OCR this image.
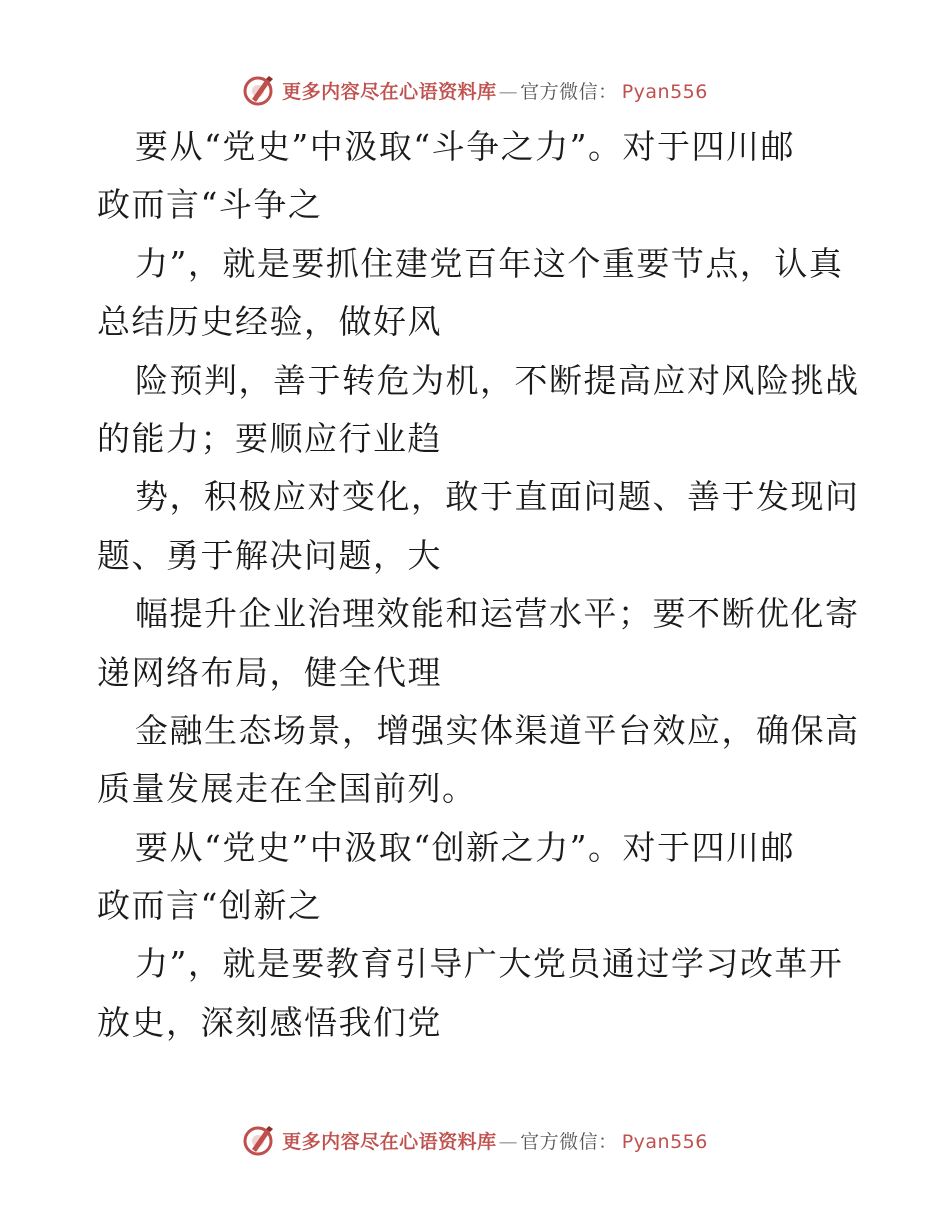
更多内容尽在心语资料库 — 官方微信： Pyan556
要从“党史”中汲取“斗争之力”。对于四川邮
政而言“斗争之
力”，就是要抓住建党百年这个重要节点，认真
总结历史经验，做好风
险预判，善于转危为机，不断提高应对风险挑战
的能力；要顺应行业趋
势，积极应对变化，敢于直面问题、善于发现问
题、勇于解决问题，大
幅提升企业治理效能和运营水平；要不断优化寄
递网络布局，健全代理
金融生态场景，增强实体渠道平台效应，确保高
质量发展走在全国前列。
要从“党史”中汲取“创新之力”。对于四川邮
政而言“创新之
力”，就是要教育引导广大党员通过学习改革开
放史，深刻感悟我们党
更多内容尽在心语资料库 — 官方微信： Pyan556
